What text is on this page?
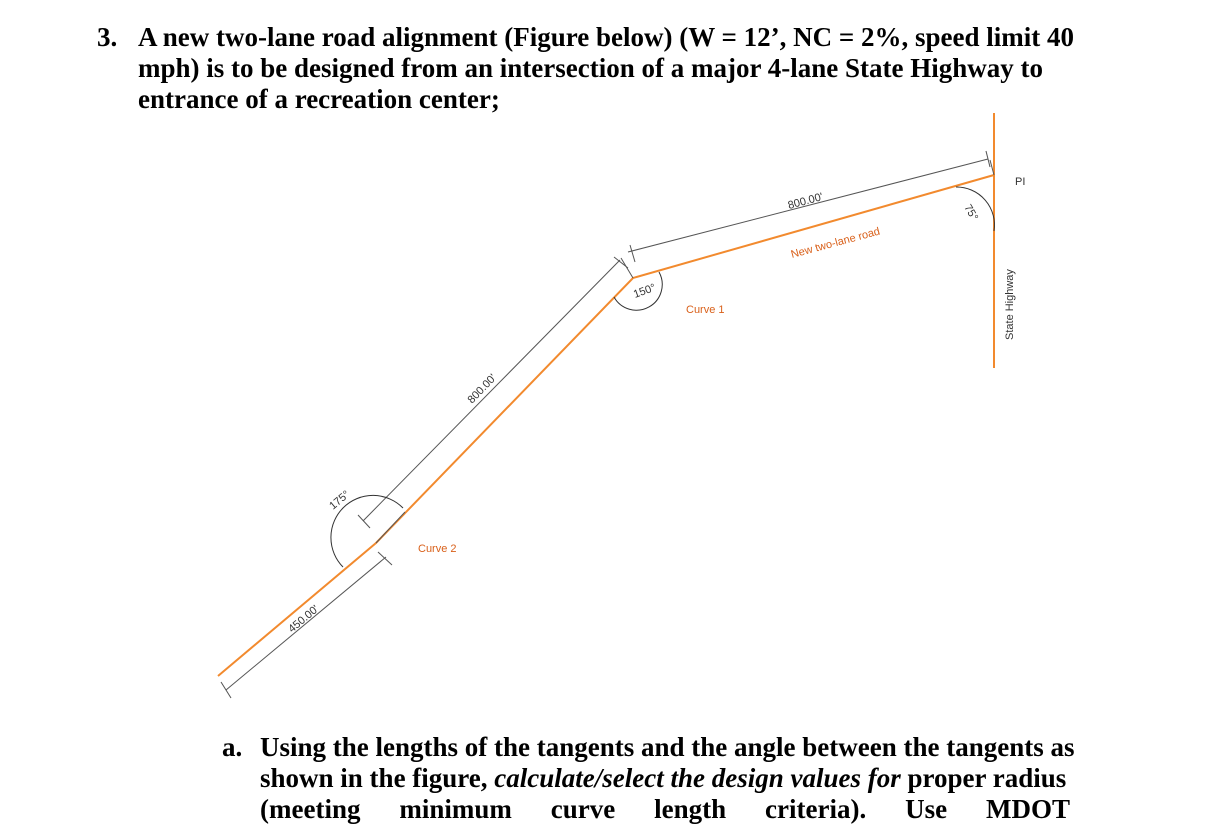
3. A new two-lane road alignment (Figure below) (W = 12’, NC = 2%, speed limit 40
mph) is to be designed from an intersection of a major 4-lane State Highway to
entrance of a recreation center;
PI
State Highway
New two-lane road
Curve 1
Curve 2
800.00'
800.00'
450.00'
75°
150°
175°
a. Using the lengths of the tangents and the angle between the tangents as
shown in the figure, calculate/select the design values for proper radius
(meeting minimum curve length criteria). Use MDOT
